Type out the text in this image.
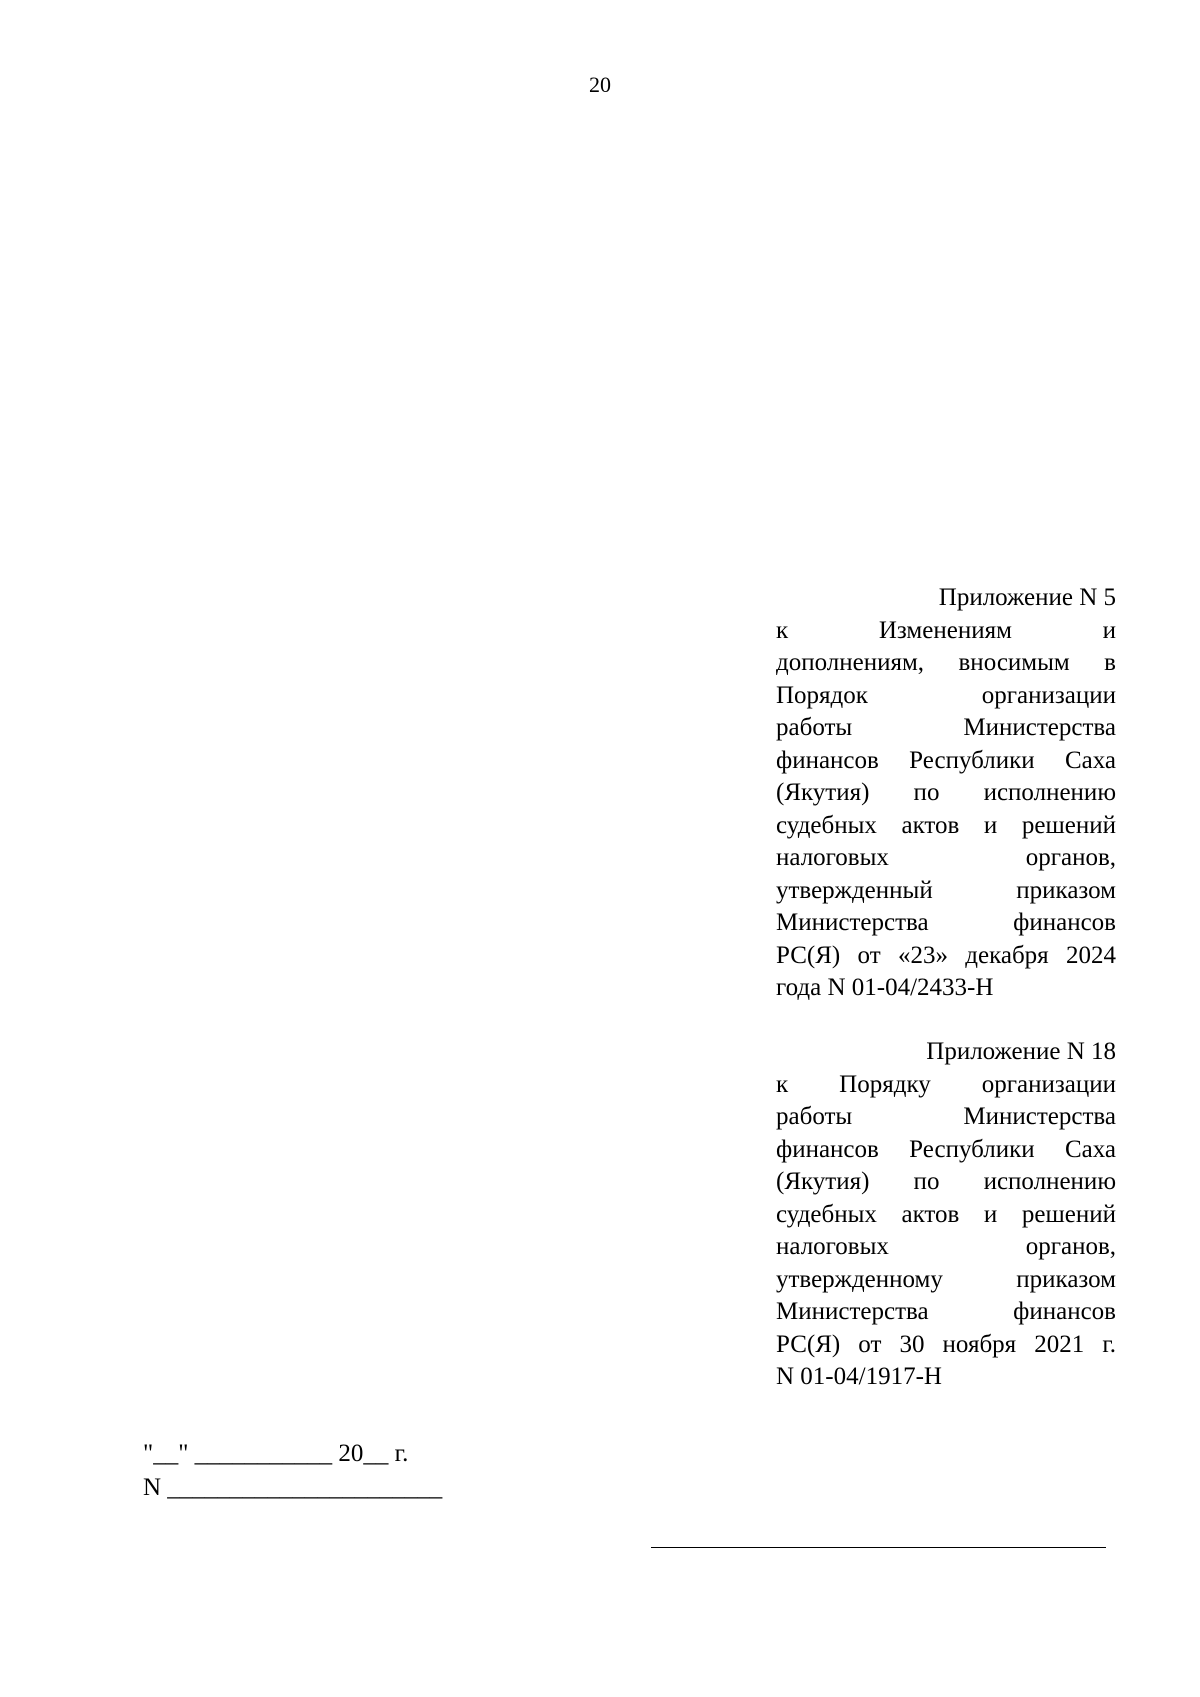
20
Приложение N 5
к Изменениям и
дополнениям, вносимым в
Порядок организации
работы Министерства
финансов Республики Саха
(Якутия) по исполнению
судебных актов и решений
налоговых органов,
утвержденный приказом
Министерства финансов
РС(Я) от «23» декабря 2024
года N 01-04/2433-Н
Приложение N 18
к Порядку организации
работы Министерства
финансов Республики Саха
(Якутия) по исполнению
судебных актов и решений
налоговых органов,
утвержденному приказом
Министерства финансов
РС(Я) от 30 ноября 2021 г.
N 01-04/1917-Н
"__" ___________ 20__ г.
N ______________________
